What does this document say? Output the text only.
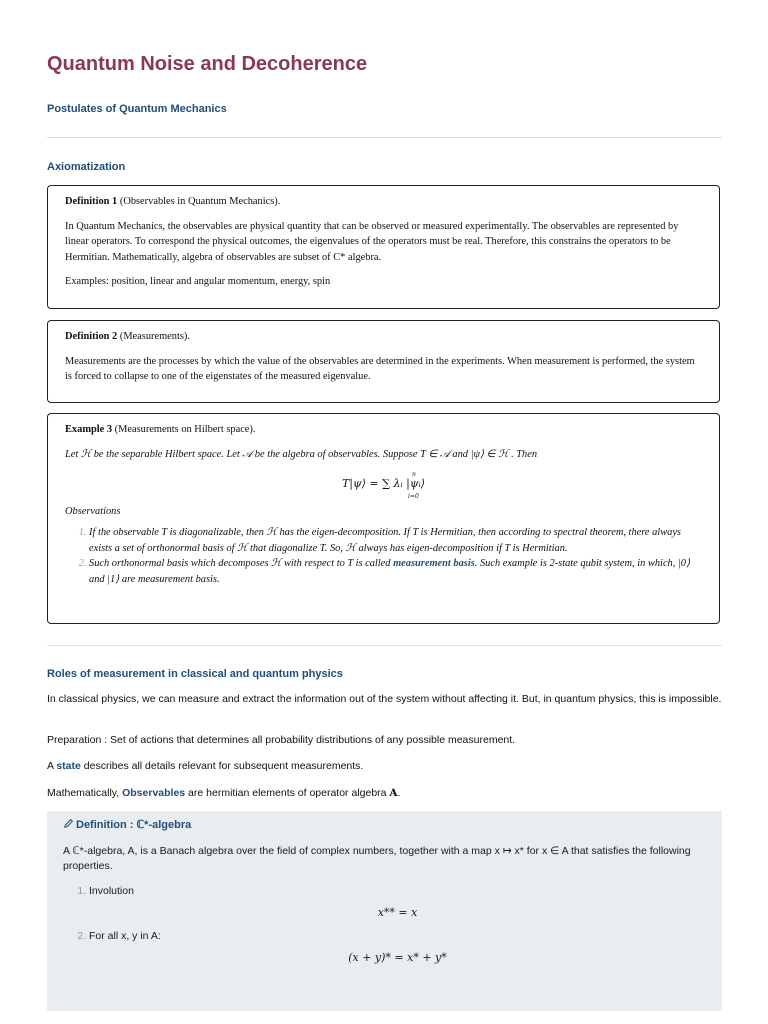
Quantum Noise and Decoherence
Postulates of Quantum Mechanics
Axiomatization

Definition 1 (Observables in Quantum Mechanics).

In Quantum Mechanics, the observables are physical quantity that can be observed or measured experimentally. The observables are represented by linear operators. To correspond the physical outcomes, the eigenvalues of the operators must be real. Therefore, this constrains the operators to be Hermitian. Mathematically, algebra of observables are subset of C* algebra.

Examples: position, linear and angular momentum, energy, spin

Definition 2 (Measurements).

Measurements are the processes by which the value of the observables are determined in the experiments. When measurement is performed, the system is forced to collapse to one of the eigenstates of the measured eigenvalue.

Example 3 (Measurements on Hilbert space).

Let ℋ be the separable Hilbert space. Let 𝒜 be the algebra of observables. Suppose T ∈ 𝒜 and |ψ⟩ ∈ ℋ . Then

T|ψ⟩ = ∑ λᵢ |ψᵢ⟩
n
i=0

Observations

1. If the observable T is diagonalizable, then ℋ has the eigen-decomposition. If T is Hermitian, then according to spectral theorem, there always exists a set of orthonormal basis of ℋ that diagonalize T. So, ℋ always has eigen-decomposition if T is Hermitian.
2. Such orthonormal basis which decomposes ℋ with respect to T is called measurement basis. Such example is 2-state qubit system, in which, |0⟩ and |1⟩ are measurement basis.
Roles of measurement in classical and quantum physics

In classical physics, we can measure and extract the information out of the system without affecting it. But, in quantum physics, this is impossible.

Preparation : Set of actions that determines all probability distributions of any possible measurement.

A state describes all details relevant for subsequent measurements.

Mathematically, Observables are hermitian elements of operator algebra A.

Definition : ℂ*-algebra

A ℂ*-algebra, A, is a Banach algebra over the field of complex numbers, together with a map x ↦ x* for x ∈ A that satisfies the following properties.

1. Involution
x** = x
2. For all x, y in A:
(x + y)* = x* + y*
